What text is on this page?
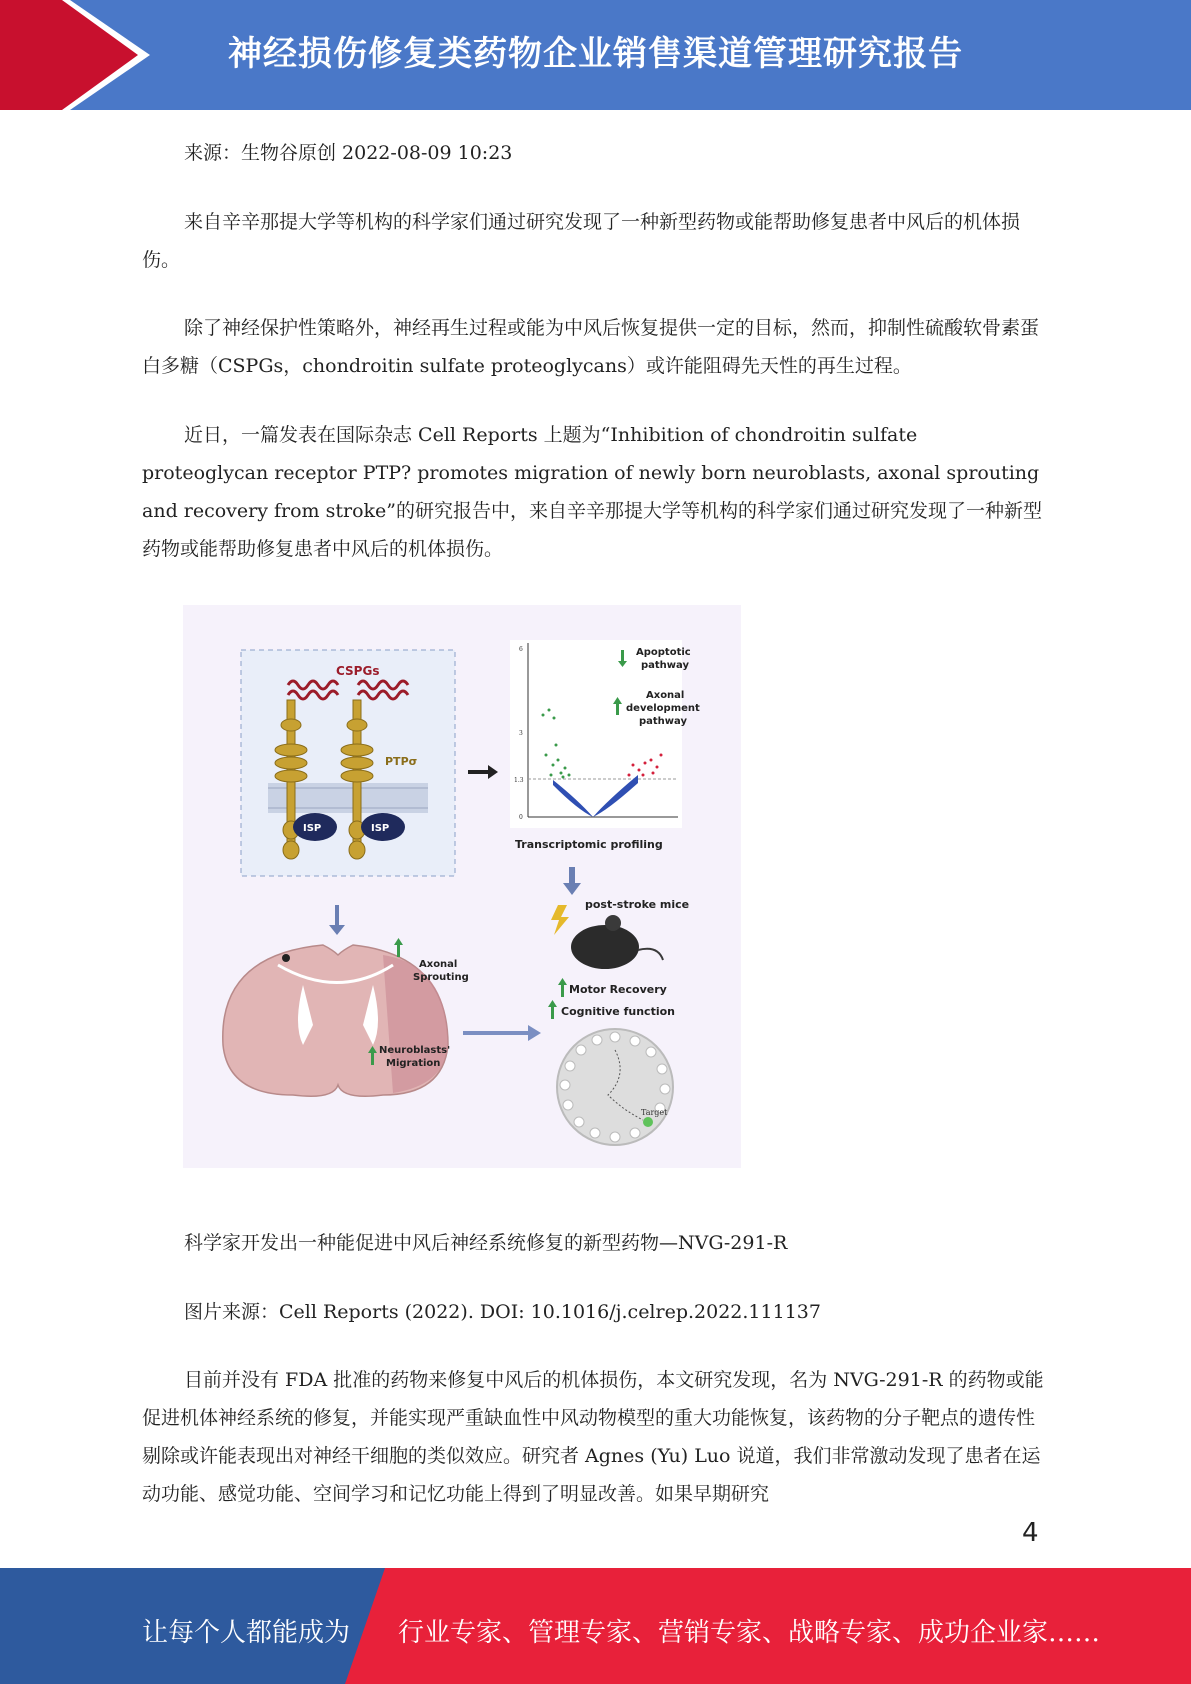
神经损伤修复类药物企业销售渠道管理研究报告

来源：生物谷原创 2022-08-09 10:23

来自辛辛那提大学等机构的科学家们通过研究发现了一种新型药物或能帮助修复患者中风后的机体损伤。

除了神经保护性策略外，神经再生过程或能为中风后恢复提供一定的目标，然而，抑制性硫酸软骨素蛋白多糖（CSPGs，chondroitin sulfate proteoglycans）或许能阻碍先天性的再生过程。

近日，一篇发表在国际杂志 Cell Reports 上题为“Inhibition of chondroitin sulfate proteoglycan receptor PTP? promotes migration of newly born neuroblasts, axonal sprouting and recovery from stroke”的研究报告中，来自辛辛那提大学等机构的科学家们通过研究发现了一种新型药物或能帮助修复患者中风后的机体损伤。

科学家开发出一种能促进中风后神经系统修复的新型药物—NVG-291-R

图片来源：Cell Reports (2022). DOI: 10.1016/j.celrep.2022.111137

目前并没有 FDA 批准的药物来修复中风后的机体损伤，本文研究发现，名为 NVG-291-R 的药物或能促进机体神经系统的修复，并能实现严重缺血性中风动物模型的重大功能恢复，该药物的分子靶点的遗传性剔除或许能表现出对神经干细胞的类似效应。研究者 Agnes (Yu) Luo 说道，我们非常激动发现了患者在运动功能、感觉功能、空间学习和记忆功能上得到了明显改善。如果早期研究

CSPGs
PTPσ
ISP	ISP
6
3
1.3
0
Apoptotic
pathway
Axonal
development
pathway
Transcriptomic profiling
post-stroke mice
Axonal
Sprouting
Neuroblasts'
Migration
Motor Recovery
Cognitive function
Target
4
让每个人都能成为 行业专家、管理专家、营销专家、战略专家、成功企业家……
